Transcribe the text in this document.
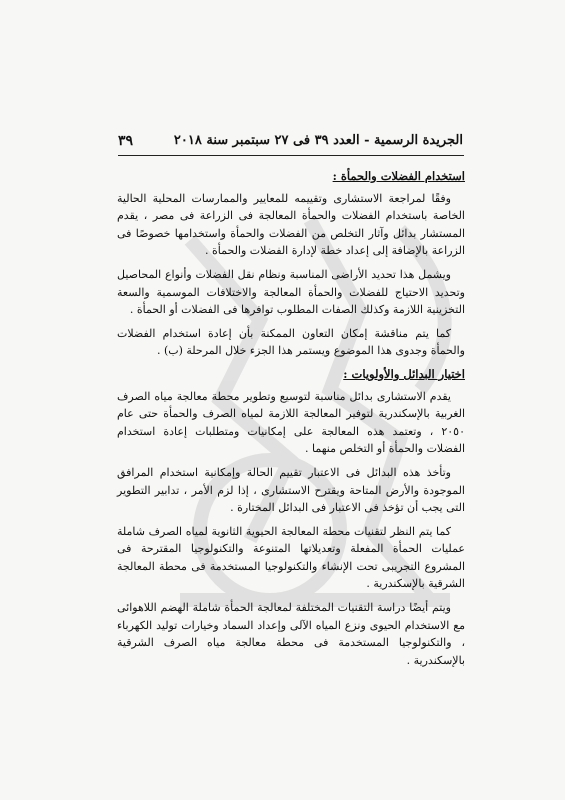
الجريدة الرسمية - العدد ٣٩ فى ٢٧ سبتمبر سنة ٢٠١٨
٣٩
استخدام الفضلات والحمأة :

وفقًا لمراجعة الاستشارى وتقييمه للمعايير والممارسات المحلية الحالية الخاصة باستخدام الفضلات والحمأة المعالجة فى الزراعة فى مصر ، يقدم المستشار بدائل وآثار التخلص من الفضلات والحمأة واستخدامها خصوصًا فى الزراعة بالإضافة إلى إعداد خطة لإدارة الفضلات والحمأة .

ويشمل هذا تحديد الأراضى المناسبة ونظام نقل الفضلات وأنواع المحاصيل وتحديد الاحتياج للفضلات والحمأة المعالجة والاختلافات الموسمية والسعة التخزينية اللازمة وكذلك الصفات المطلوب توافرها فى الفضلات أو الحمأة .

كما يتم مناقشة إمكان التعاون الممكنة بأن إعادة استخدام الفضلات والحمأة وجدوى هذا الموضوع ويستمر هذا الجزء خلال المرحلة (ب) .

اختيار البدائل والأولويات :

يقدم الاستشارى بدائل مناسبة لتوسيع وتطوير محطة معالجة مياه الصرف الغربية بالإسكندرية لتوفير المعالجة اللازمة لمياه الصرف والحمأة حتى عام ٢٠٥٠ ، وتعتمد هذه المعالجة على إمكانيات ومتطلبات إعادة استخدام الفضلات والحمأة أو التخلص منهما .

وتأخذ هذه البدائل فى الاعتبار تقييم الحالة وإمكانية استخدام المرافق الموجودة والأرض المتاحة ويقترح الاستشارى ، إذا لزم الأمر ، تدابير التطوير التى يجب أن تؤخذ فى الاعتبار فى البدائل المختارة .

كما يتم النظر لتقنيات محطة المعالجة الحيوية الثانوية لمياه الصرف شاملة عمليات الحمأة المفعلة وتعديلاتها المتنوعة والتكنولوجيا المقترحة فى المشروع التجريبى تحت الإنشاء والتكنولوجيا المستخدمة فى محطة المعالجة الشرقية بالإسكندرية .

ويتم أيضًا دراسة التقنيات المختلفة لمعالجة الحمأة شاملة الهضم اللاهوائى مع الاستخدام الحيوى ونزع المياه الآلى وإعداد السماد وخيارات توليد الكهرباء ، والتكنولوجيا المستخدمة فى محطة معالجة مياه الصرف الشرقية بالإسكندرية .
